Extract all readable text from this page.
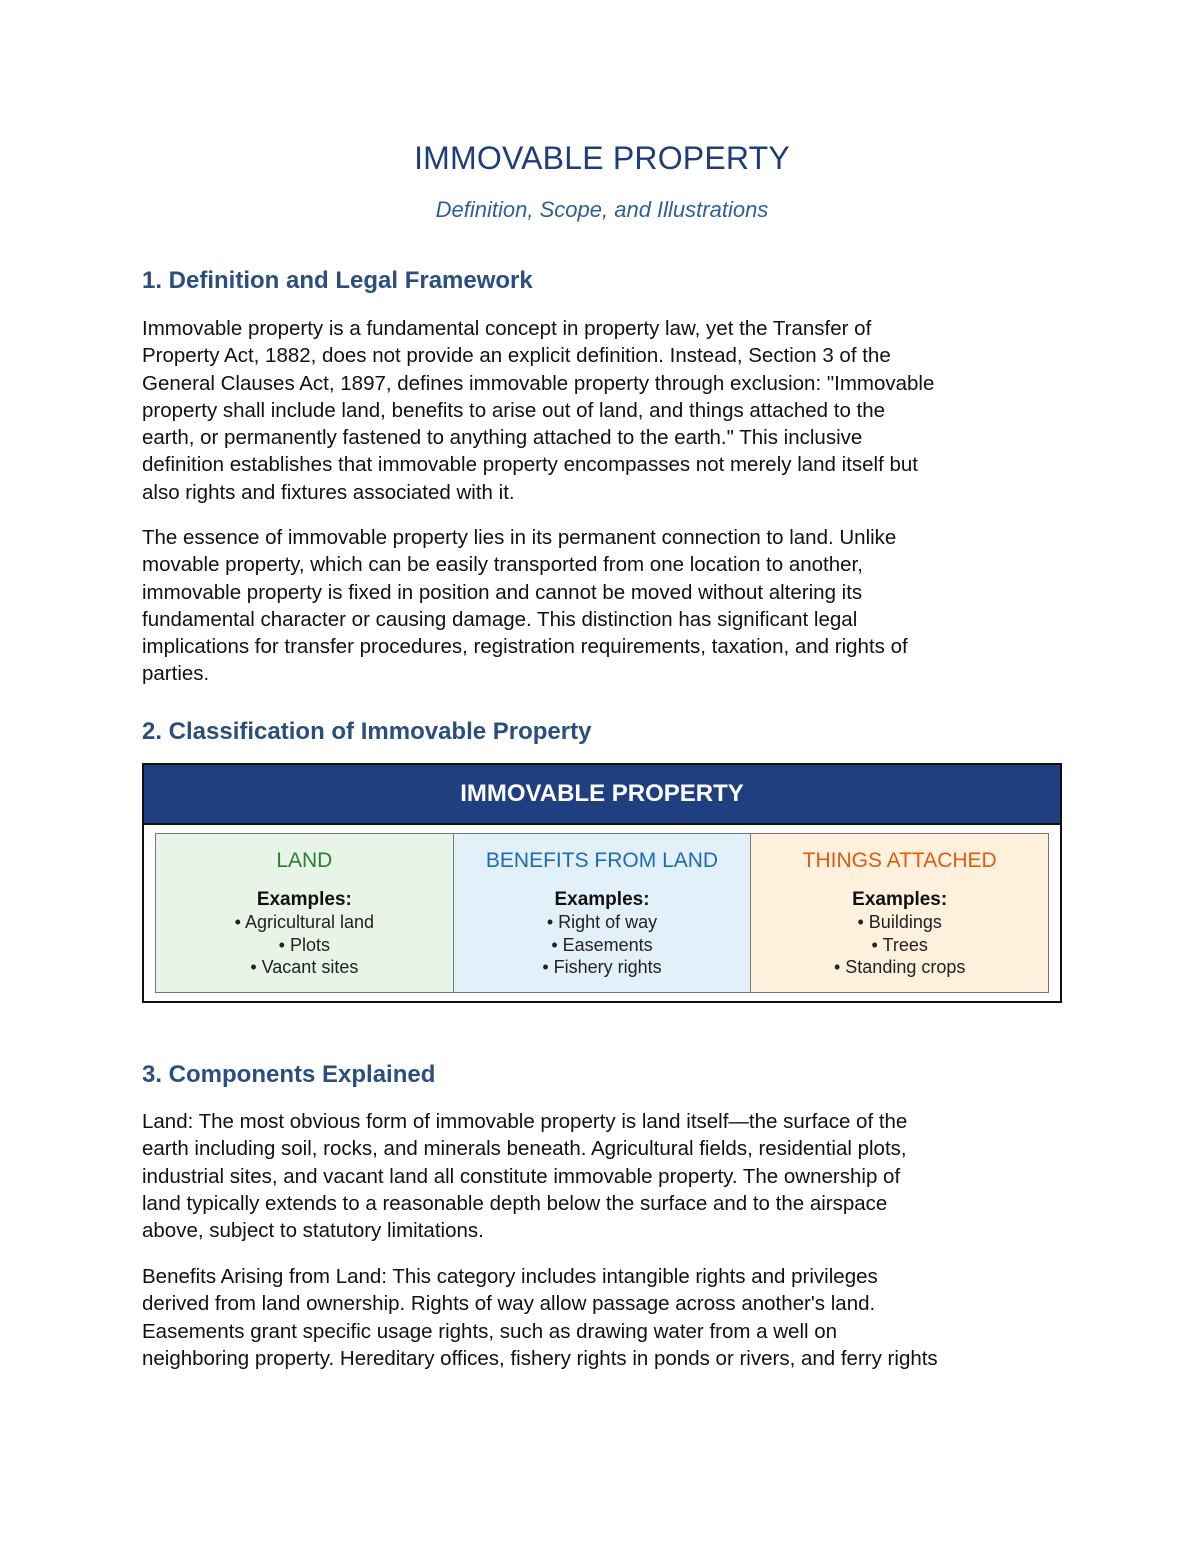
IMMOVABLE PROPERTY
Definition, Scope, and Illustrations
1. Definition and Legal Framework
Immovable property is a fundamental concept in property law, yet the Transfer of
Property Act, 1882, does not provide an explicit definition. Instead, Section 3 of the
General Clauses Act, 1897, defines immovable property through exclusion: "Immovable
property shall include land, benefits to arise out of land, and things attached to the
earth, or permanently fastened to anything attached to the earth." This inclusive
definition establishes that immovable property encompasses not merely land itself but
also rights and fixtures associated with it.
The essence of immovable property lies in its permanent connection to land. Unlike
movable property, which can be easily transported from one location to another,
immovable property is fixed in position and cannot be moved without altering its
fundamental character or causing damage. This distinction has significant legal
implications for transfer procedures, registration requirements, taxation, and rights of
parties.
2. Classification of Immovable Property
IMMOVABLE PROPERTY
LAND
Examples:
• Agricultural land
• Plots
• Vacant sites
BENEFITS FROM LAND
Examples:
• Right of way
• Easements
• Fishery rights
THINGS ATTACHED
Examples:
• Buildings
• Trees
• Standing crops
3. Components Explained
Land: The most obvious form of immovable property is land itself—the surface of the
earth including soil, rocks, and minerals beneath. Agricultural fields, residential plots,
industrial sites, and vacant land all constitute immovable property. The ownership of
land typically extends to a reasonable depth below the surface and to the airspace
above, subject to statutory limitations.
Benefits Arising from Land: This category includes intangible rights and privileges
derived from land ownership. Rights of way allow passage across another's land.
Easements grant specific usage rights, such as drawing water from a well on
neighboring property. Hereditary offices, fishery rights in ponds or rivers, and ferry rights
